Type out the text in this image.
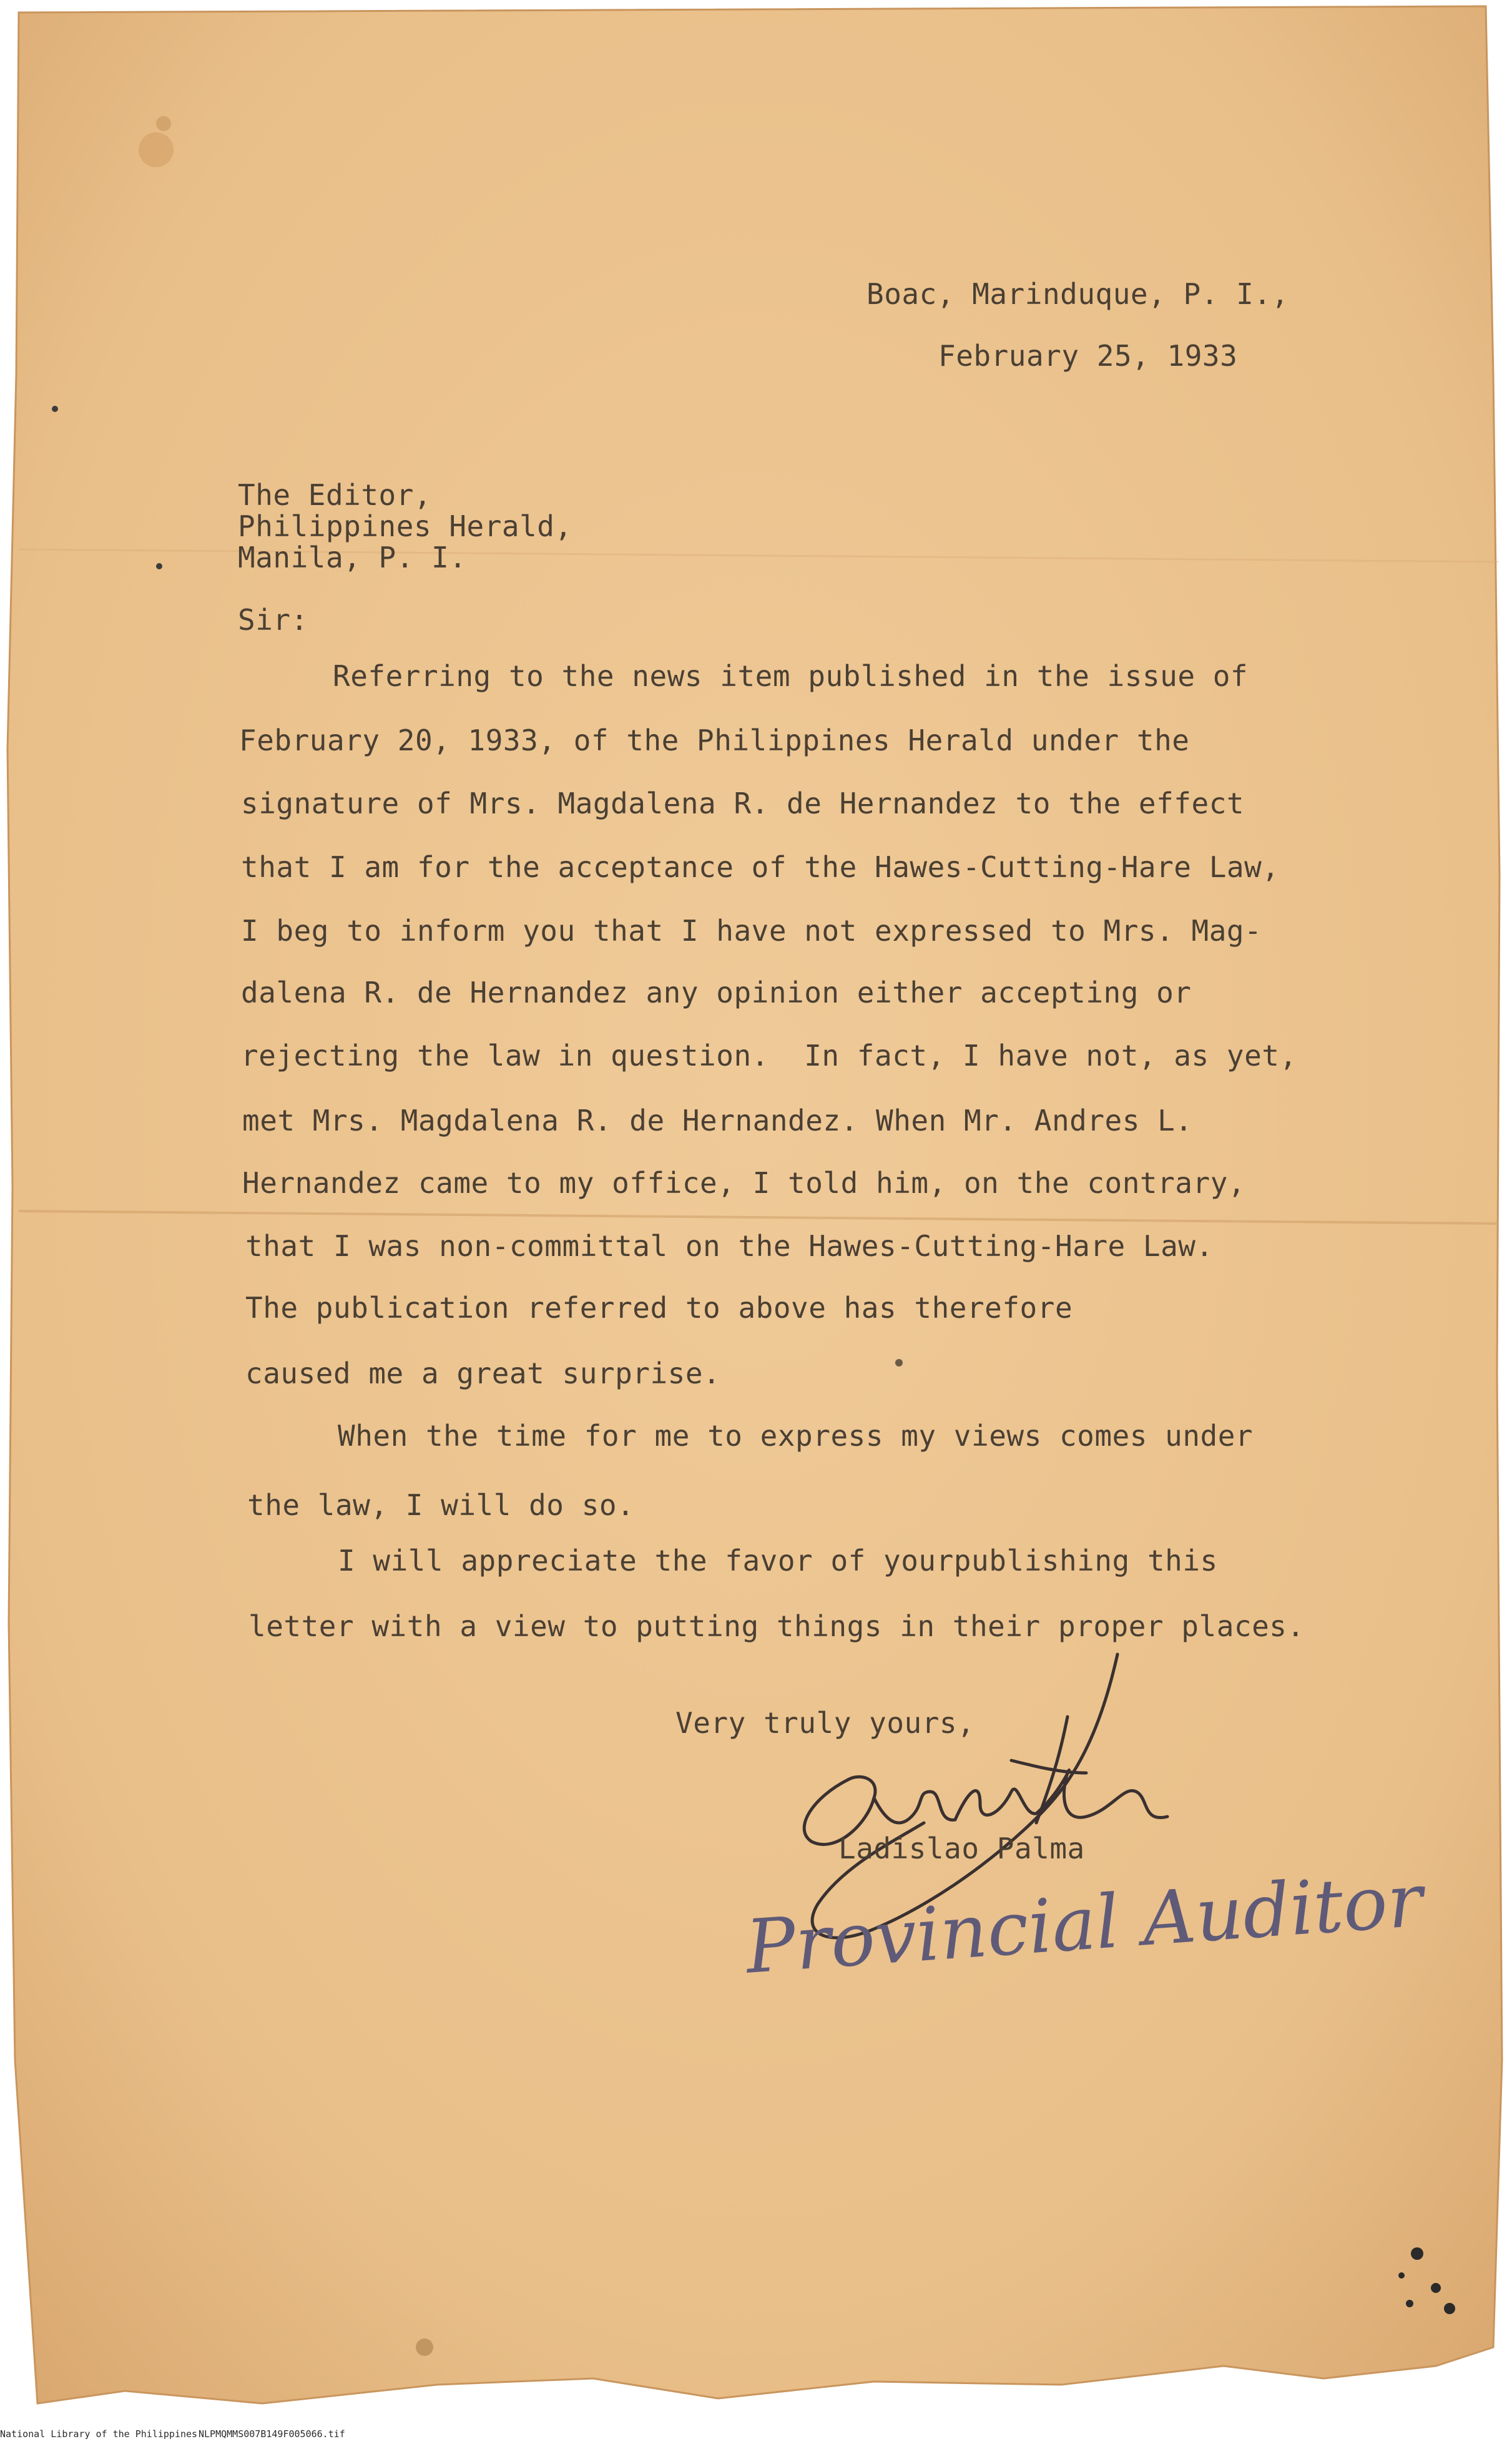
Boac, Marinduque, P. I.,
February 25, 1933
The Editor,
Philippines Herald,
Manila, P. I.
Sir:
Referring to the news item published in the issue of
February 20, 1933, of the Philippines Herald under the
signature of Mrs. Magdalena R. de Hernandez to the effect
that I am for the acceptance of the Hawes-Cutting-Hare Law,
I beg to inform you that I have not expressed to Mrs. Mag-
dalena R. de Hernandez any opinion either accepting or
rejecting the law in question.  In fact, I have not, as yet,
met Mrs. Magdalena R. de Hernandez. When Mr. Andres L.
Hernandez came to my office, I told him, on the contrary,
that I was non-committal on the Hawes-Cutting-Hare Law.
The publication referred to above has therefore
caused me a great surprise.
When the time for me to express my views comes under
the law, I will do so.
I will appreciate the favor of yourpublishing this
letter with a view to putting things in their proper places.
Very truly yours,
Ladislao Palma
Provincial Auditor
National Library of the Philippines NLPMQMMS007B149F005066.tif
